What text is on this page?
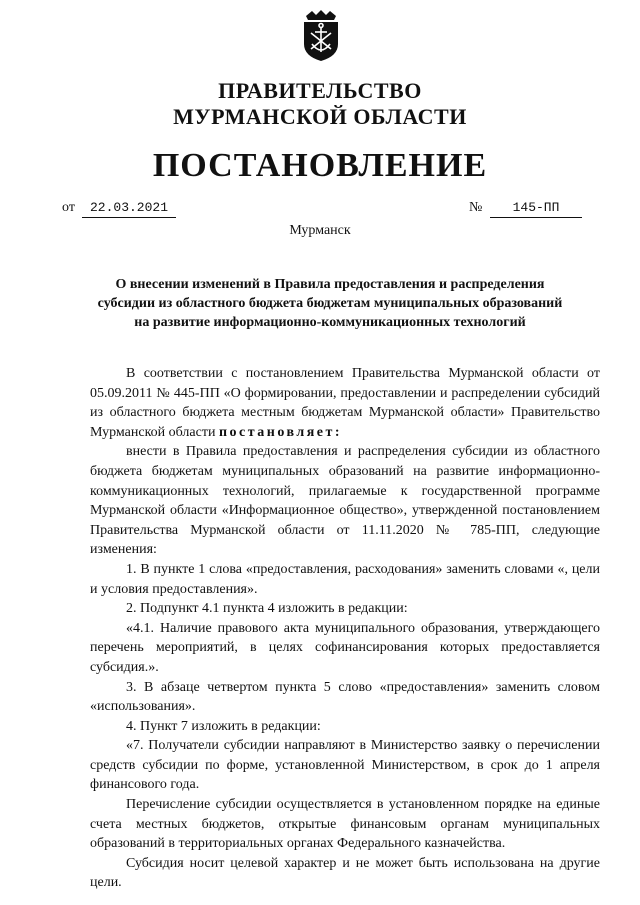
ПРАВИТЕЛЬСТВО
МУРМАНСКОЙ ОБЛАСТИ
ПОСТАНОВЛЕНИЕ
от	22.03.2021	№	145-ПП
Мурманск
О внесении изменений в Правила предоставления и распределения
субсидии из областного бюджета бюджетам муниципальных образований
на развитие информационно-коммуникационных технологий

В соответствии с постановлением Правительства Мурманской области от 05.09.2011 № 445-ПП «О формировании, предоставлении и распределении субсидий из областного бюджета местным бюджетам Мурманской области» Правительство Мурманской области постановляет:

внести в Правила предоставления и распределения субсидии из областного бюджета бюджетам муниципальных образований на развитие информационно-коммуникационных технологий, прилагаемые к государственной программе Мурманской области «Информационное общество», утвержденной постановлением Правительства Мурманской области от 11.11.2020 № 785-ПП, следующие изменения:

1. В пункте 1 слова «предоставления, расходования» заменить словами «, цели и условия предоставления».

2. Подпункт 4.1 пункта 4 изложить в редакции:

«4.1. Наличие правового акта муниципального образования, утверждающего перечень мероприятий, в целях софинансирования которых предоставляется субсидия.».

3. В абзаце четвертом пункта 5 слово «предоставления» заменить словом «использования».

4. Пункт 7 изложить в редакции:

«7. Получатели субсидии направляют в Министерство заявку о перечислении средств субсидии по форме, установленной Министерством, в срок до 1 апреля финансового года.

Перечисление субсидии осуществляется в установленном порядке на единые счета местных бюджетов, открытые финансовым органам муниципальных образований в территориальных органах Федерального казначейства.

Субсидия носит целевой характер и не может быть использована на другие цели.
